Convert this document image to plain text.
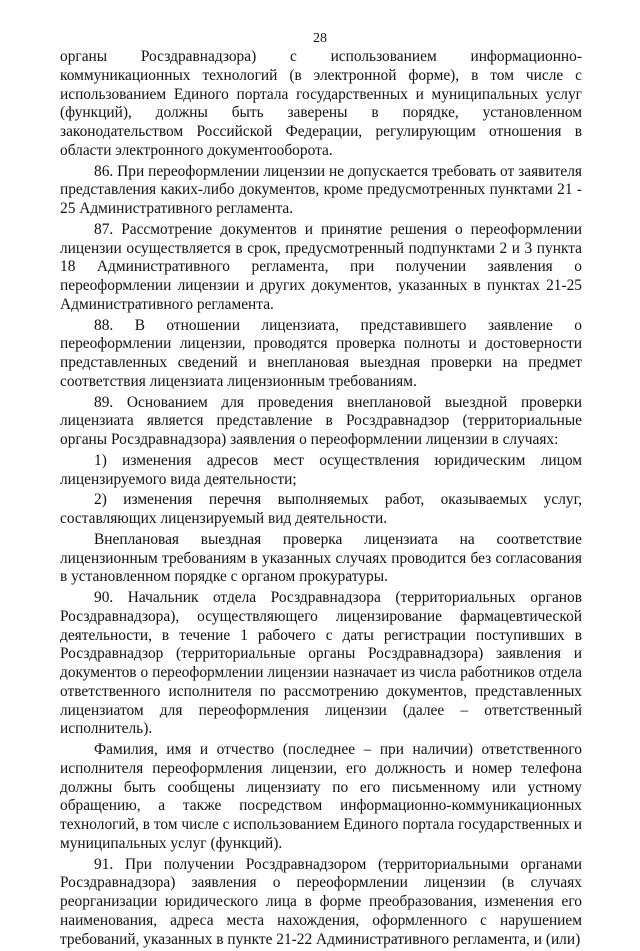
28

органы Росздравнадзора) с использованием информационно-коммуникационных технологий (в электронной форме), в том числе с использованием Единого портала государственных и муниципальных услуг (функций), должны быть заверены в порядке, установленном законодательством Российской Федерации, регулирующим отношения в области электронного документооборота.

86. При переоформлении лицензии не допускается требовать от заявителя представления каких-либо документов, кроме предусмотренных пунктами 21 - 25 Административного регламента.

87. Рассмотрение документов и принятие решения о переоформлении лицензии осуществляется в срок, предусмотренный подпунктами 2 и 3 пункта 18 Административного регламента, при получении заявления о переоформлении лицензии и других документов, указанных в пунктах 21-25 Административного регламента.

88. В отношении лицензиата, представившего заявление о переоформлении лицензии, проводятся проверка полноты и достоверности представленных сведений и внеплановая выездная проверки на предмет соответствия лицензиата лицензионным требованиям.

89. Основанием для проведения внеплановой выездной проверки лицензиата является представление в Росздравнадзор (территориальные органы Росздравнадзора) заявления о переоформлении лицензии в случаях:

1) изменения адресов мест осуществления юридическим лицом лицензируемого вида деятельности;

2) изменения перечня выполняемых работ, оказываемых услуг, составляющих лицензируемый вид деятельности.

Внеплановая выездная проверка лицензиата на соответствие лицензионным требованиям в указанных случаях проводится без согласования в установленном порядке с органом прокуратуры.

90. Начальник отдела Росздравнадзора (территориальных органов Росздравнадзора), осуществляющего лицензирование фармацевтической деятельности, в течение 1 рабочего с даты регистрации поступивших в Росздравнадзор (территориальные органы Росздравнадзора) заявления и документов о переоформлении лицензии назначает из числа работников отдела ответственного исполнителя по рассмотрению документов, представленных лицензиатом для переоформления лицензии (далее – ответственный исполнитель).

Фамилия, имя и отчество (последнее – при наличии) ответственного исполнителя переоформления лицензии, его должность и номер телефона должны быть сообщены лицензиату по его письменному или устному обращению, а также посредством информационно-коммуникационных технологий, в том числе с использованием Единого портала государственных и муниципальных услуг (функций).

91. При получении Росздравнадзором (территориальными органами Росздравнадзора) заявления о переоформлении лицензии (в случаях реорганизации юридического лица в форме преобразования, изменения его наименования, адреса места нахождения, оформленного с нарушением требований, указанных в пункте 21-22 Административного регламента, и (или)
